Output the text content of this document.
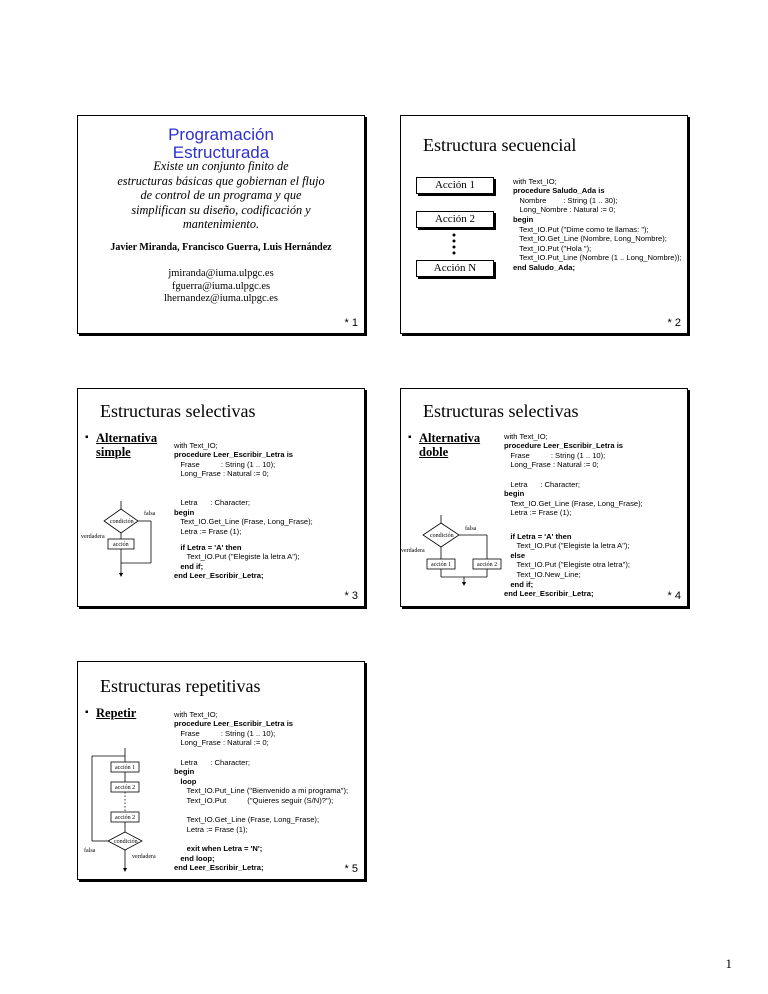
Programación
Estructurada
Existe un conjunto finito de
estructuras básicas que gobiernan el flujo
de control de un programa y que
simplifican su diseño, codificación y
mantenimiento.
Javier Miranda, Francisco Guerra, Luis Hernández
jmiranda@iuma.ulpgc.es
fguerra@iuma.ulpgc.es
lhernandez@iuma.ulpgc.es
* 1
Estructura secuencial
Acción 1
Acción 2
Acción N

with Text_IO;
procedure Saludo_Ada is
Nombre        : String (1 .. 30);
Long_Nombre : Natural := 0;
begin
Text_IO.Put ("Dime como te llamas: ");
Text_IO.Get_Line (Nombre, Long_Nombre);
Text_IO.Put ("Hola ");
Text_IO.Put_Line (Nombre (1 .. Long_Nombre));
end Saludo_Ada;

* 2
Estructuras selectivas
▪ Alternativa
simple	with Text_IO;
procedure Leer_Escribir_Letra is
Frase          : String (1 .. 10);
Long_Frase : Natural := 0;

Letra      : Character;
begin
Text_IO.Get_Line (Frase, Long_Frase);
Letra := Frase (1);

if Letra = 'A' then
Text_IO.Put ("Elegiste la letra A");
end if;
end Leer_Escribir_Letra;

condición
falsa
verdadera
acción
* 3
Estructuras selectivas
▪ Alternativa
doble

with Text_IO;
procedure Leer_Escribir_Letra is
Frase          : String (1 .. 10);
Long_Frase : Natural := 0;

Letra      : Character;
begin
Text_IO.Get_Line (Frase, Long_Frase);
Letra := Frase (1);

if Letra = 'A' then
Text_IO.Put ("Elegiste la letra A");
else
Text_IO.Put ("Elegiste otra letra");
Text_IO.New_Line;
end if;
end Leer_Escribir_Letra;

condición
falsa
verdadera
acción 1	acción 2
* 4
Estructuras repetitivas
▪ Repetir	with Text_IO;
procedure Leer_Escribir_Letra is
Frase          : String (1 .. 10);
Long_Frase : Natural := 0;

Letra      : Character;
begin
loop
Text_IO.Put_Line ("Bienvenido a mi programa");
Text_IO.Put          ("Quieres seguir (S/N)?");

Text_IO.Get_Line (Frase, Long_Frase);
Letra := Frase (1);

exit when Letra = 'N';
end loop;
end Leer_Escribir_Letra;

acción 1
acción 2
acción 2
condición
falsa
verdadera
* 5
1
